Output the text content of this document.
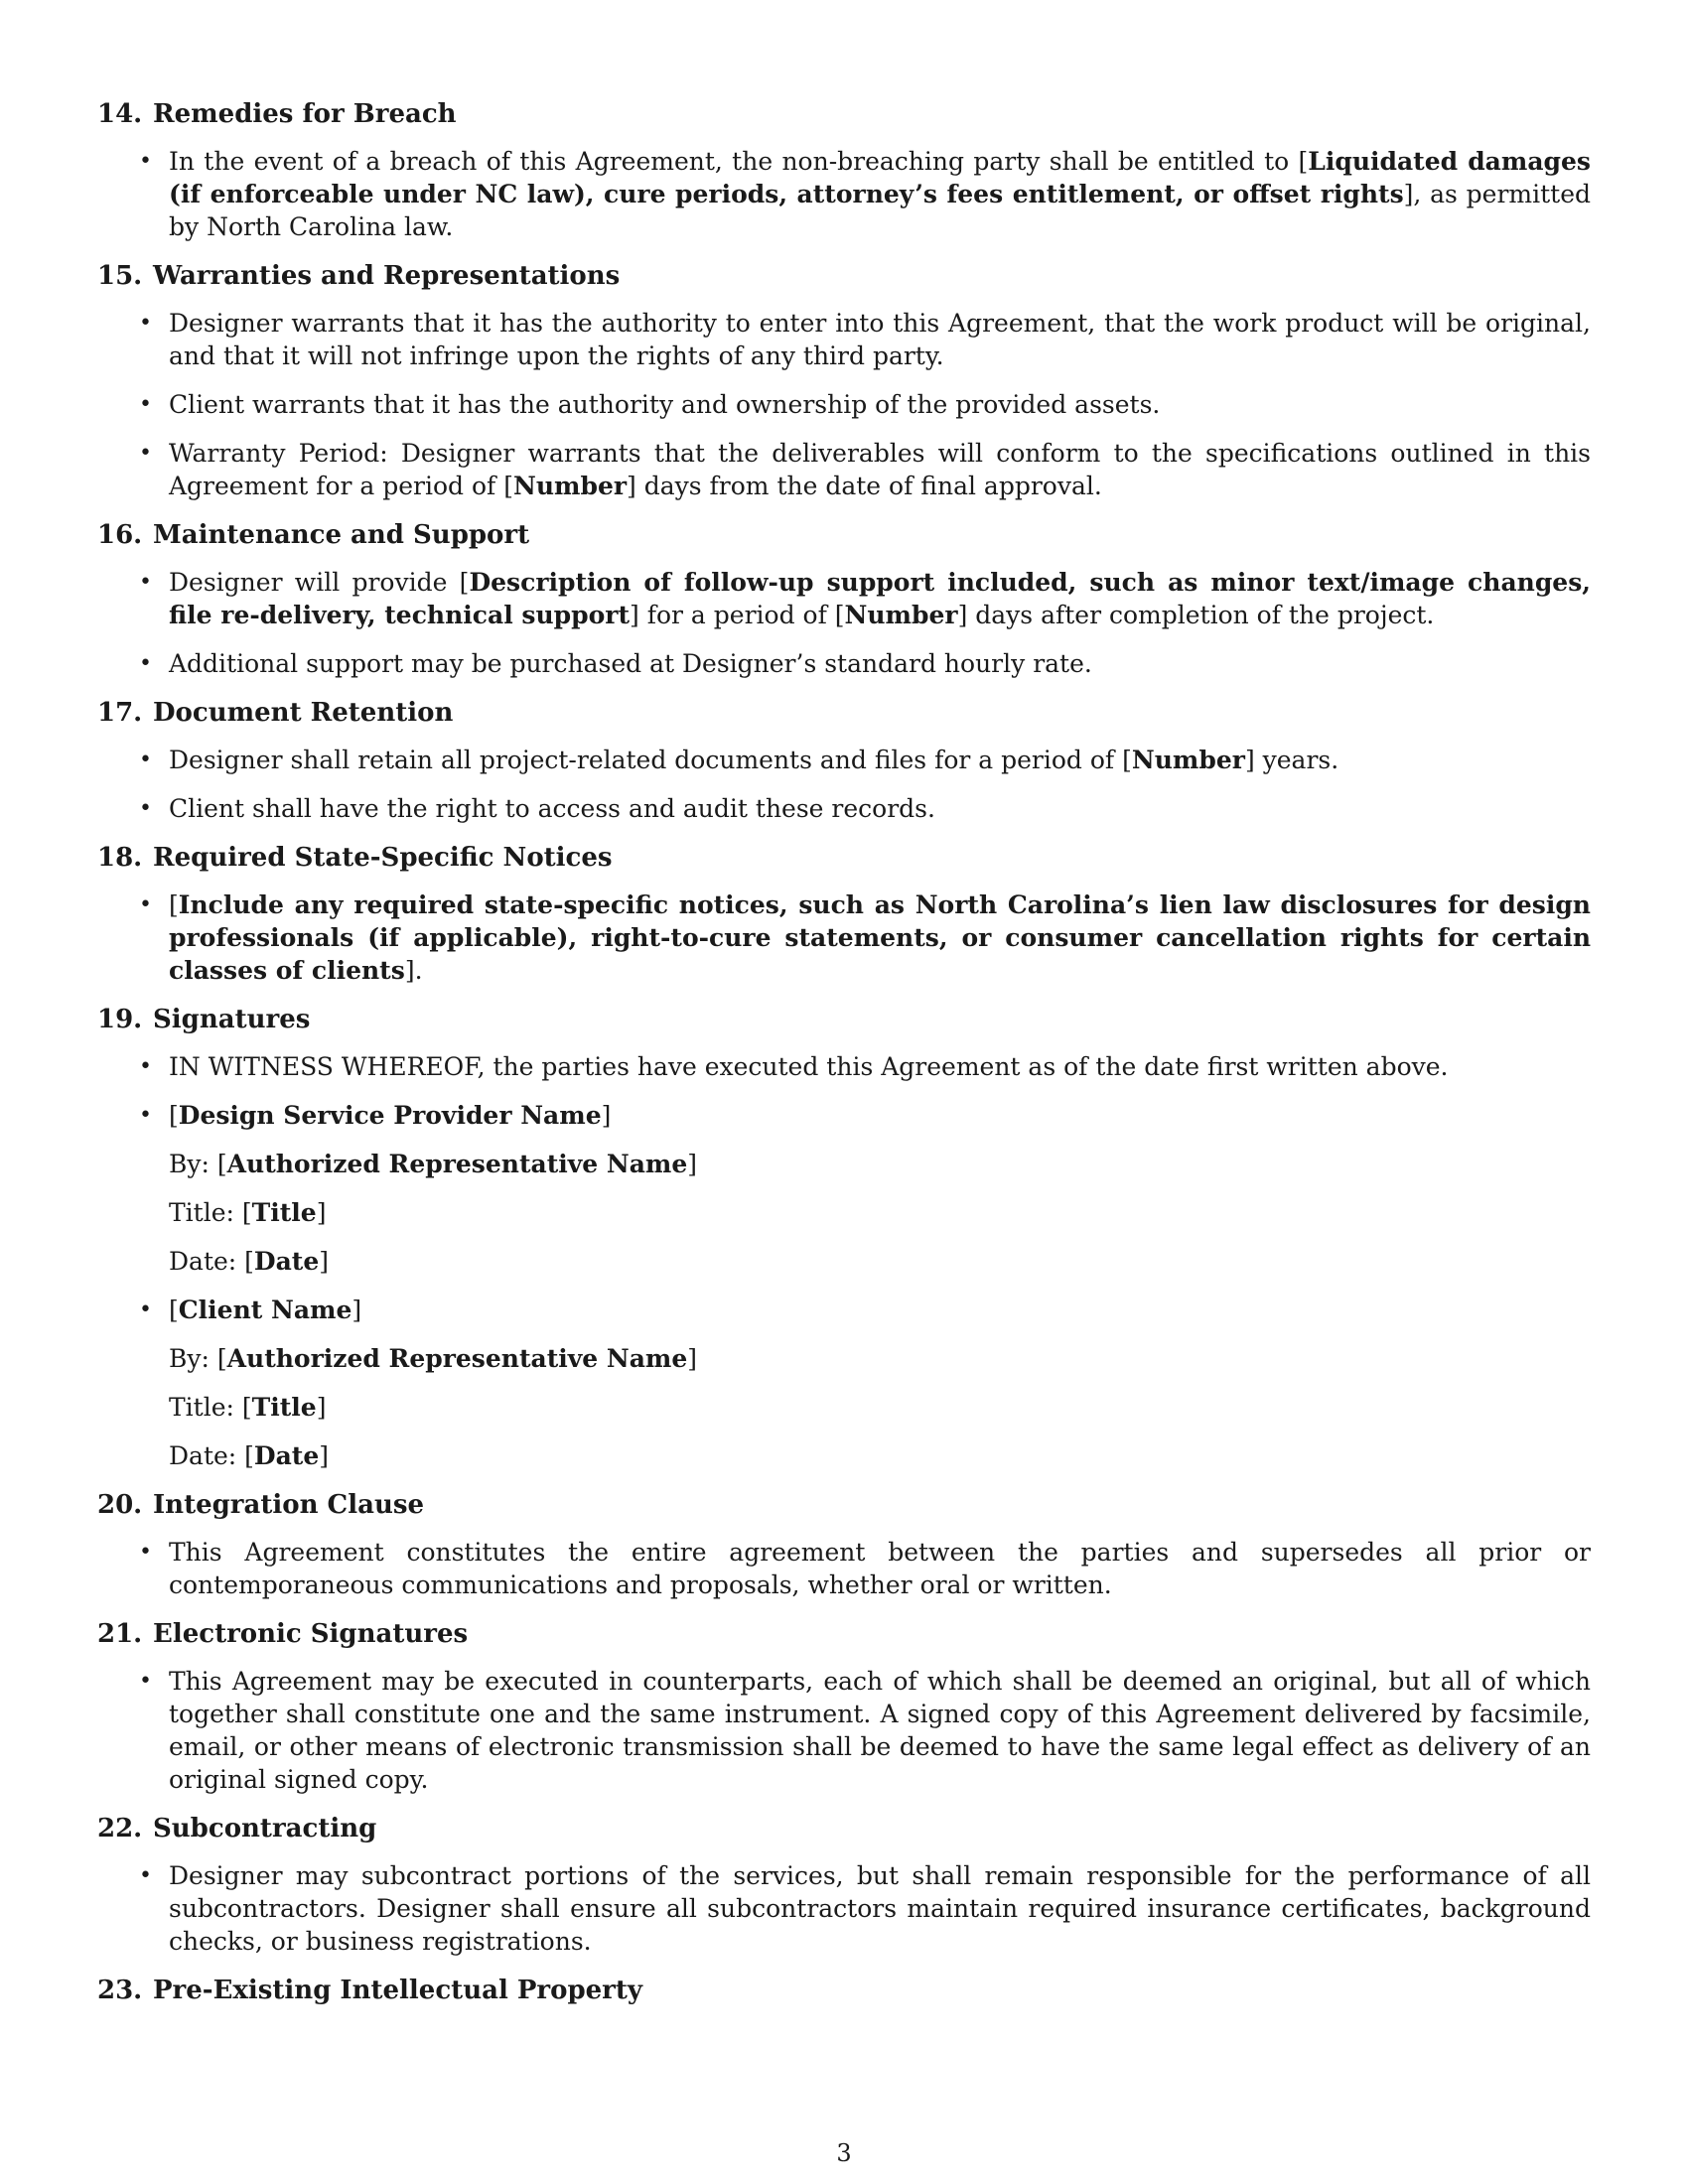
14. Remedies for Breach
• In the event of a breach of this Agreement, the non-breaching party shall be entitled to [Liquidated damages (if enforceable under NC law), cure periods, attorney’s fees entitlement, or offset rights], as permitted by North Carolina law.
15. Warranties and Representations
• Designer warrants that it has the authority to enter into this Agreement, that the work product will be original, and that it will not infringe upon the rights of any third party.
• Client warrants that it has the authority and ownership of the provided assets.
• Warranty Period: Designer warrants that the deliverables will conform to the specifications outlined in this Agreement for a period of [Number] days from the date of final approval.
16. Maintenance and Support
• Designer will provide [Description of follow-up support included, such as minor text/image changes, file re-delivery, technical support] for a period of [Number] days after completion of the project.
• Additional support may be purchased at Designer’s standard hourly rate.
17. Document Retention
• Designer shall retain all project-related documents and files for a period of [Number] years.
• Client shall have the right to access and audit these records.
18. Required State-Specific Notices
• [Include any required state-specific notices, such as North Carolina’s lien law disclosures for design professionals (if applicable), right-to-cure statements, or consumer cancellation rights for certain classes of clients].
19. Signatures
• IN WITNESS WHEREOF, the parties have executed this Agreement as of the date first written above.
• [Design Service Provider Name]
By: [Authorized Representative Name]
Title: [Title]
Date: [Date]
• [Client Name]
By: [Authorized Representative Name]
Title: [Title]
Date: [Date]
20. Integration Clause
• This Agreement constitutes the entire agreement between the parties and supersedes all prior or contemporaneous communications and proposals, whether oral or written.
21. Electronic Signatures
• This Agreement may be executed in counterparts, each of which shall be deemed an original, but all of which together shall constitute one and the same instrument. A signed copy of this Agreement delivered by facsimile, email, or other means of electronic transmission shall be deemed to have the same legal effect as delivery of an original signed copy.
22. Subcontracting
• Designer may subcontract portions of the services, but shall remain responsible for the performance of all subcontractors. Designer shall ensure all subcontractors maintain required insurance certificates, background checks, or business registrations.
23. Pre-Existing Intellectual Property
3
